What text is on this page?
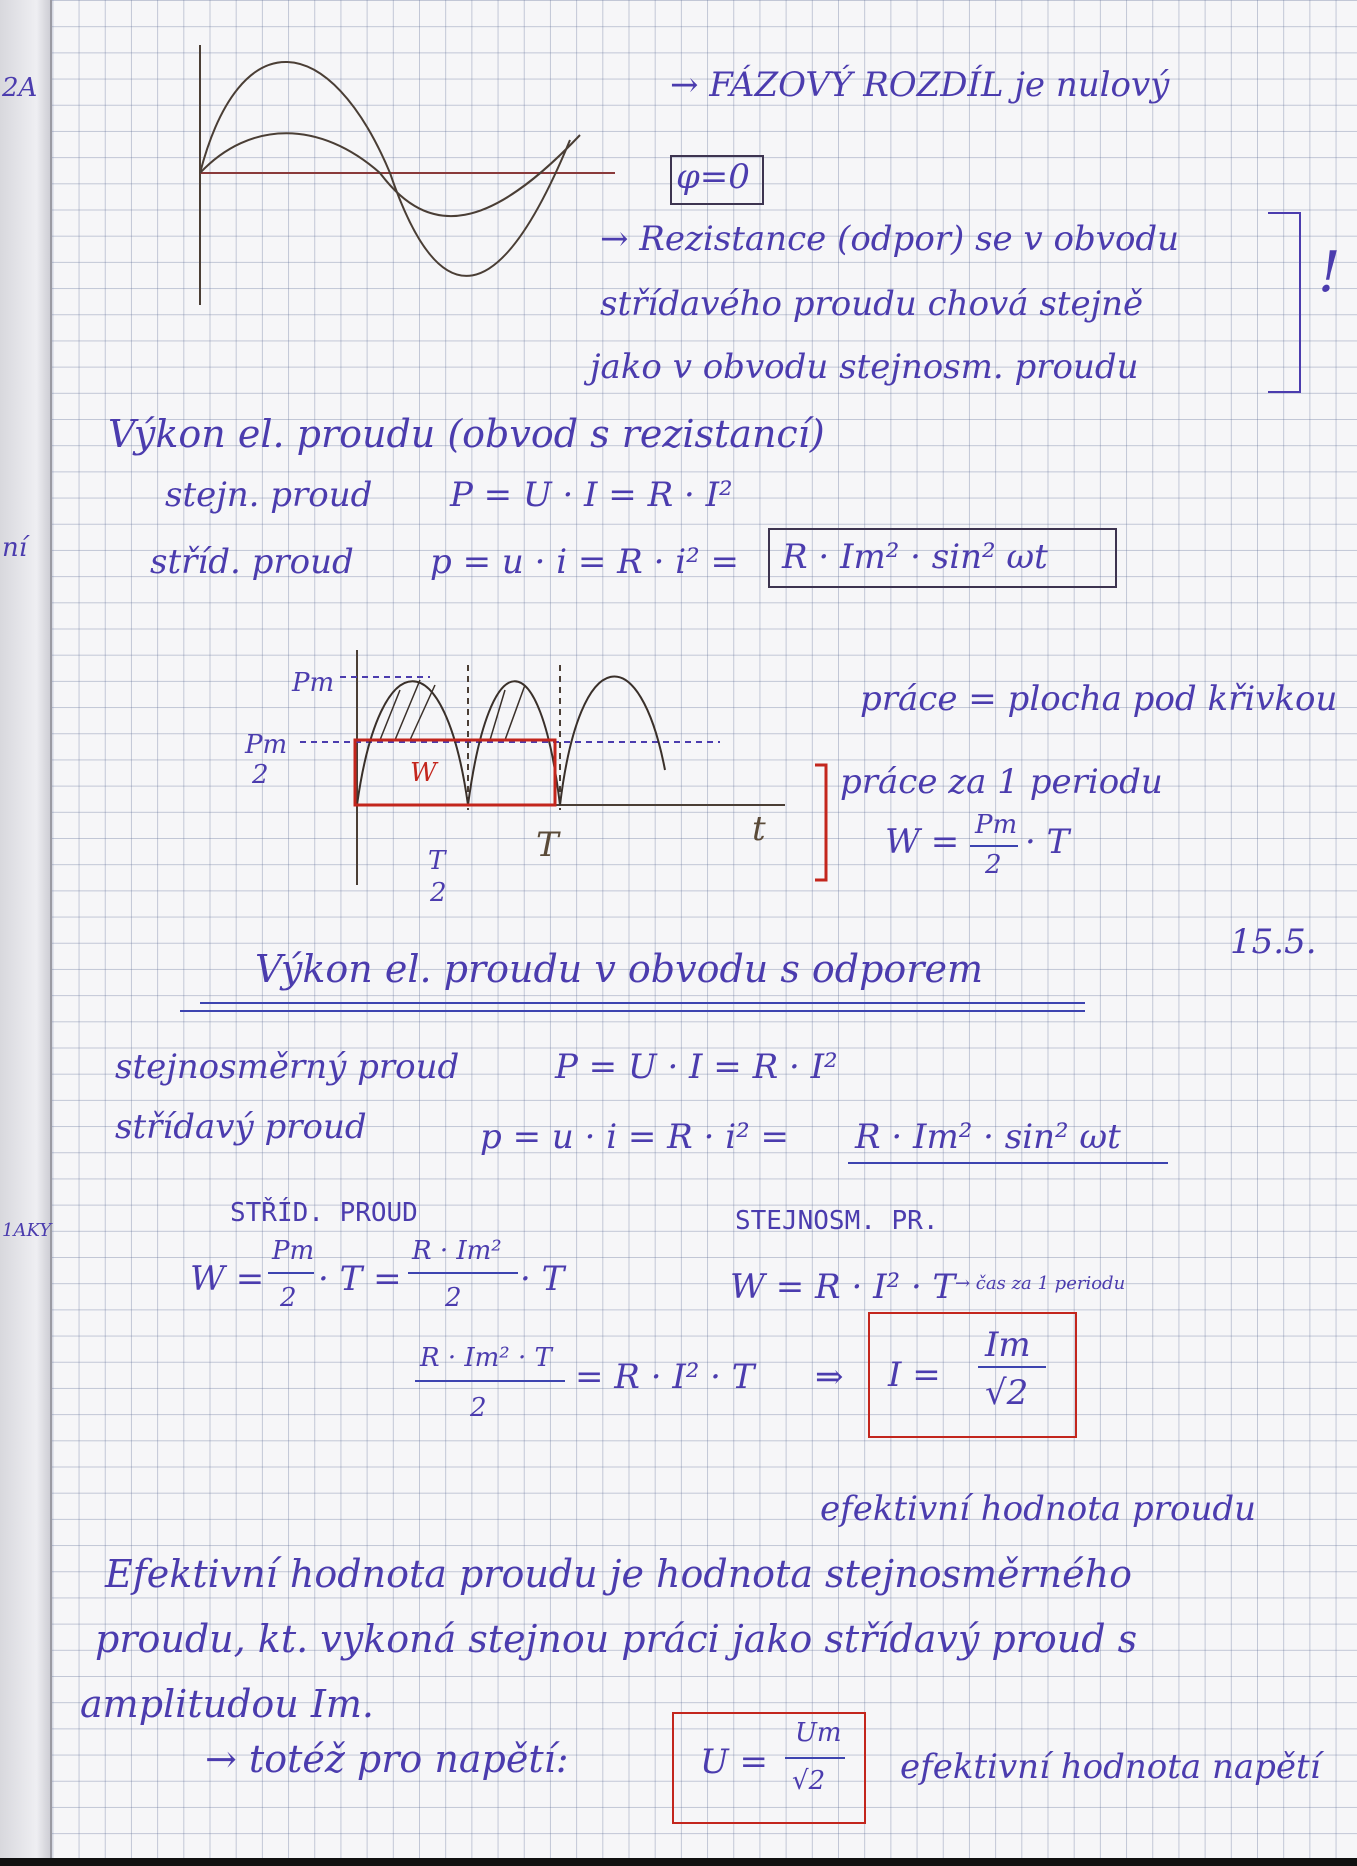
2A
ní
1AKY
Pm
Pm
2
T
2
T	t
W
→ FÁZOVÝ ROZDÍL je nulový
φ=0
→ Rezistance (odpor) se v obvodu
střídavého proudu chová stejně
jako v obvodu stejnosm. proudu
!
Výkon el. proudu (obvod s rezistancí)
stejn. proud P = U · I = R · I²
stříd. proud p = u · i = R · i² = R · Im² · sin² ωt
práce = plocha pod křivkou
práce za 1 periodu
W = Pm
2
· T
15.5.
Výkon el. proudu v obvodu s odporem
stejnosměrný proud	P = U · I = R · I²
střídavý proud	p = u · i = R · i² = R · Im² · sin² ωt
STŘÍD. PROUD
W =
Pm
2 · T =
R · Im²
2 · T
STEJNOSM. PR.
W = R · I² · T → čas za 1 periodu
R · Im² · T
2
= R · I² · T ⇒ I =
Im
√2
efektivní hodnota proudu
Efektivní hodnota proudu je hodnota stejnosměrného
proudu, kt. vykoná stejnou práci jako střídavý proud s
amplitudou Im.
→ totéž pro napětí:	U =
Um
√2 efektivní hodnota napětí
